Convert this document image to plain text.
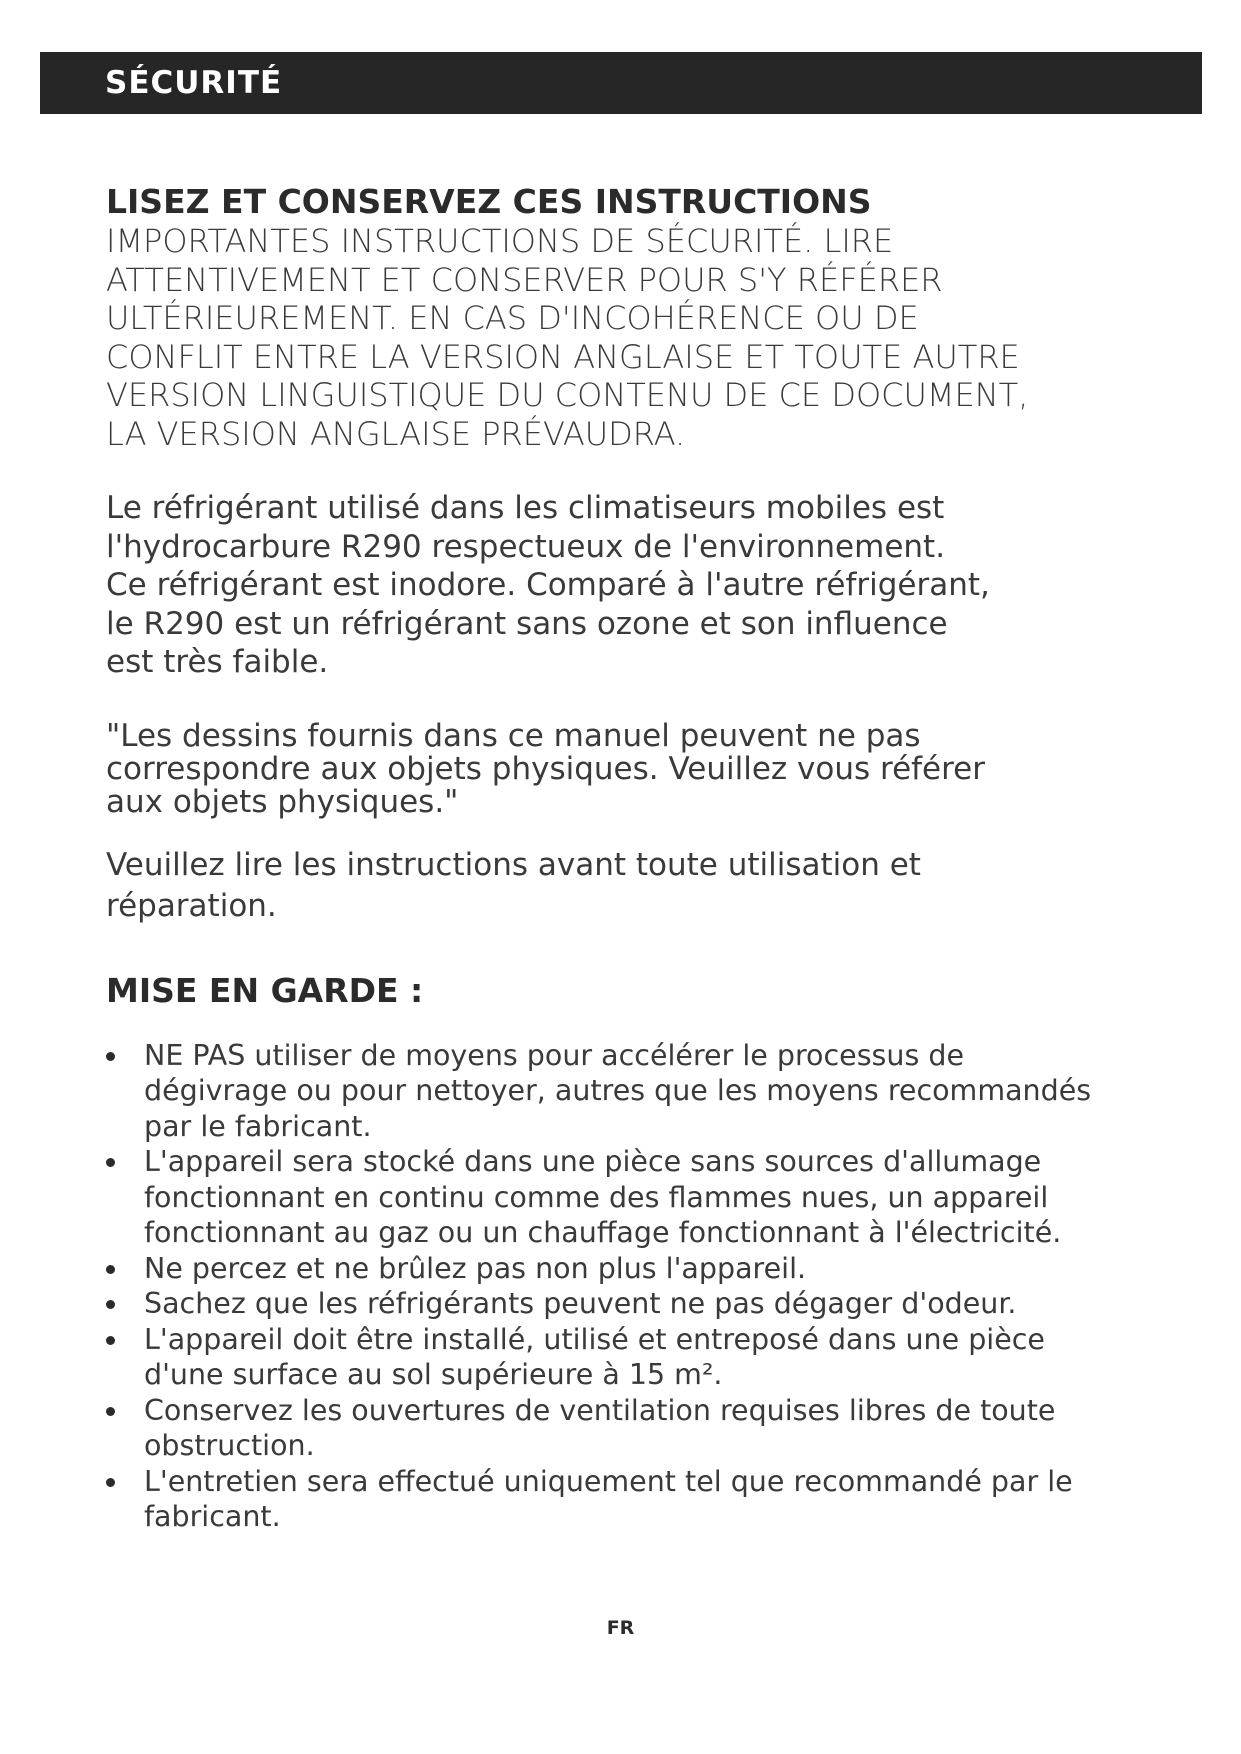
SÉCURITÉ
LISEZ ET CONSERVEZ CES INSTRUCTIONS

IMPORTANTES INSTRUCTIONS DE SÉCURITÉ. LIRE
ATTENTIVEMENT ET CONSERVER POUR S'Y RÉFÉRER
ULTÉRIEUREMENT. EN CAS D'INCOHÉRENCE OU DE
CONFLIT ENTRE LA VERSION ANGLAISE ET TOUTE AUTRE
VERSION LINGUISTIQUE DU CONTENU DE CE DOCUMENT,
LA VERSION ANGLAISE PRÉVAUDRA.

Le réfrigérant utilisé dans les climatiseurs mobiles est
l'hydrocarbure R290 respectueux de l'environnement.
Ce réfrigérant est inodore. Comparé à l'autre réfrigérant,
le R290 est un réfrigérant sans ozone et son influence
est très faible.

"Les dessins fournis dans ce manuel peuvent ne pas
correspondre aux objets physiques. Veuillez vous référer
aux objets physiques."

Veuillez lire les instructions avant toute utilisation et
réparation.

MISE EN GARDE :
NE PAS utiliser de moyens pour accélérer le processus de
dégivrage ou pour nettoyer, autres que les moyens recommandés
par le fabricant.
L'appareil sera stocké dans une pièce sans sources d'allumage
fonctionnant en continu comme des flammes nues, un appareil
fonctionnant au gaz ou un chauffage fonctionnant à l'électricité.
Ne percez et ne brûlez pas non plus l'appareil.
Sachez que les réfrigérants peuvent ne pas dégager d'odeur.
L'appareil doit être installé, utilisé et entreposé dans une pièce
d'une surface au sol supérieure à 15 m².
Conservez les ouvertures de ventilation requises libres de toute
obstruction.
L'entretien sera effectué uniquement tel que recommandé par le
fabricant.
FR
